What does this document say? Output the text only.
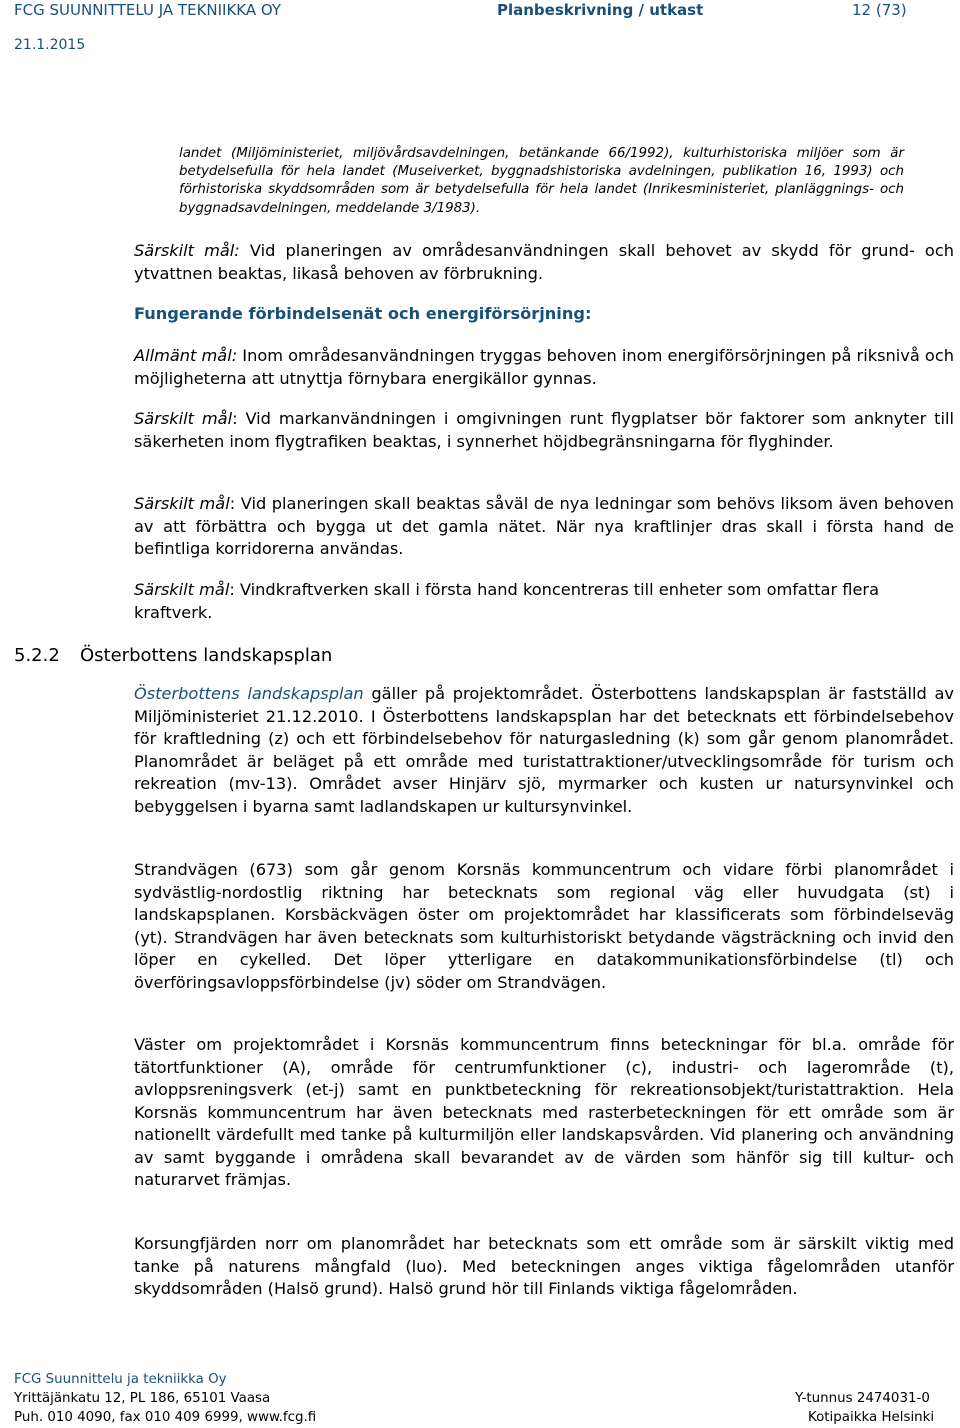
FCG SUUNNITTELU JA TEKNIIKKA OY	Planbeskrivning / utkast	12 (73)
21.1.2015

landet (Miljöministeriet, miljövårdsavdelningen, betänkande 66/1992), kulturhistoriska miljöer som är betydelsefulla för hela landet (Museiverket, byggnadshistoriska avdelningen, publikation 16, 1993) och förhistoriska skyddsområden som är betydelsefulla för hela landet (Inrikesministeriet, planläggnings- och byggnadsavdelningen, meddelande 3/1983).

Särskilt mål: Vid planeringen av områdesanvändningen skall behovet av skydd för grund- och ytvattnen beaktas, likaså behoven av förbrukning.

Fungerande förbindelsenät och energiförsörjning:

Allmänt mål: Inom områdesanvändningen tryggas behoven inom energiförsörjningen på riksnivå och möjligheterna att utnyttja förnybara energikällor gynnas.

Särskilt mål: Vid markanvändningen i omgivningen runt flygplatser bör faktorer som anknyter till säkerheten inom flygtrafiken beaktas, i synnerhet höjdbegränsningarna för flyghinder.

Särskilt mål: Vid planeringen skall beaktas såväl de nya ledningar som behövs liksom även behoven av att förbättra och bygga ut det gamla nätet. När nya kraftlinjer dras skall i första hand de befintliga korridorerna användas.

Särskilt mål: Vindkraftverken skall i första hand koncentreras till enheter som omfattar flera kraftverk.

5.2.2 Österbottens landskapsplan

Österbottens landskapsplan gäller på projektområdet. Österbottens landskapsplan är fastställd av Miljöministeriet 21.12.2010. I Österbottens landskapsplan har det betecknats ett förbindelsebehov för kraftledning (z) och ett förbindelsebehov för naturgasledning (k) som går genom planområdet. Planområdet är beläget på ett område med turistattraktioner/utvecklingsområde för turism och rekreation (mv-13). Området avser Hinjärv sjö, myrmarker och kusten ur natursynvinkel och bebyggelsen i byarna samt ladlandskapen ur kultursynvinkel.

Strandvägen (673) som går genom Korsnäs kommuncentrum och vidare förbi planområdet i sydvästlig-nordostlig riktning har betecknats som regional väg eller huvudgata (st) i landskapsplanen. Korsbäckvägen öster om projektområdet har klassificerats som förbindelseväg (yt). Strandvägen har även betecknats som kulturhistoriskt betydande vägsträckning och invid den löper en cykelled. Det löper ytterligare en datakommunikationsförbindelse (tl) och överföringsavloppsförbindelse (jv) söder om Strandvägen.

Väster om projektområdet i Korsnäs kommuncentrum finns beteckningar för bl.a. område för tätortfunktioner (A), område för centrumfunktioner (c), industri- och lagerområde (t), avloppsreningsverk (et-j) samt en punktbeteckning för rekreationsobjekt/turistattraktion. Hela Korsnäs kommuncentrum har även betecknats med rasterbeteckningen för ett område som är nationellt värdefullt med tanke på kulturmiljön eller landskapsvården. Vid planering och användning av samt byggande i områdena skall bevarandet av de värden som hänför sig till kultur- och naturarvet främjas.

Korsungfjärden norr om planområdet har betecknats som ett område som är särskilt viktig med tanke på naturens mångfald (luo). Med beteckningen anges viktiga fågelområden utanför skyddsområden (Halsö grund). Halsö grund hör till Finlands viktiga fågelområden.

FCG Suunnittelu ja tekniikka Oy
Yrittäjänkatu 12, PL 186, 65101 Vaasa
Puh. 010 4090, fax 010 409 6999, www.fcg.fi
Y-tunnus 2474031-0
Kotipaikka Helsinki
